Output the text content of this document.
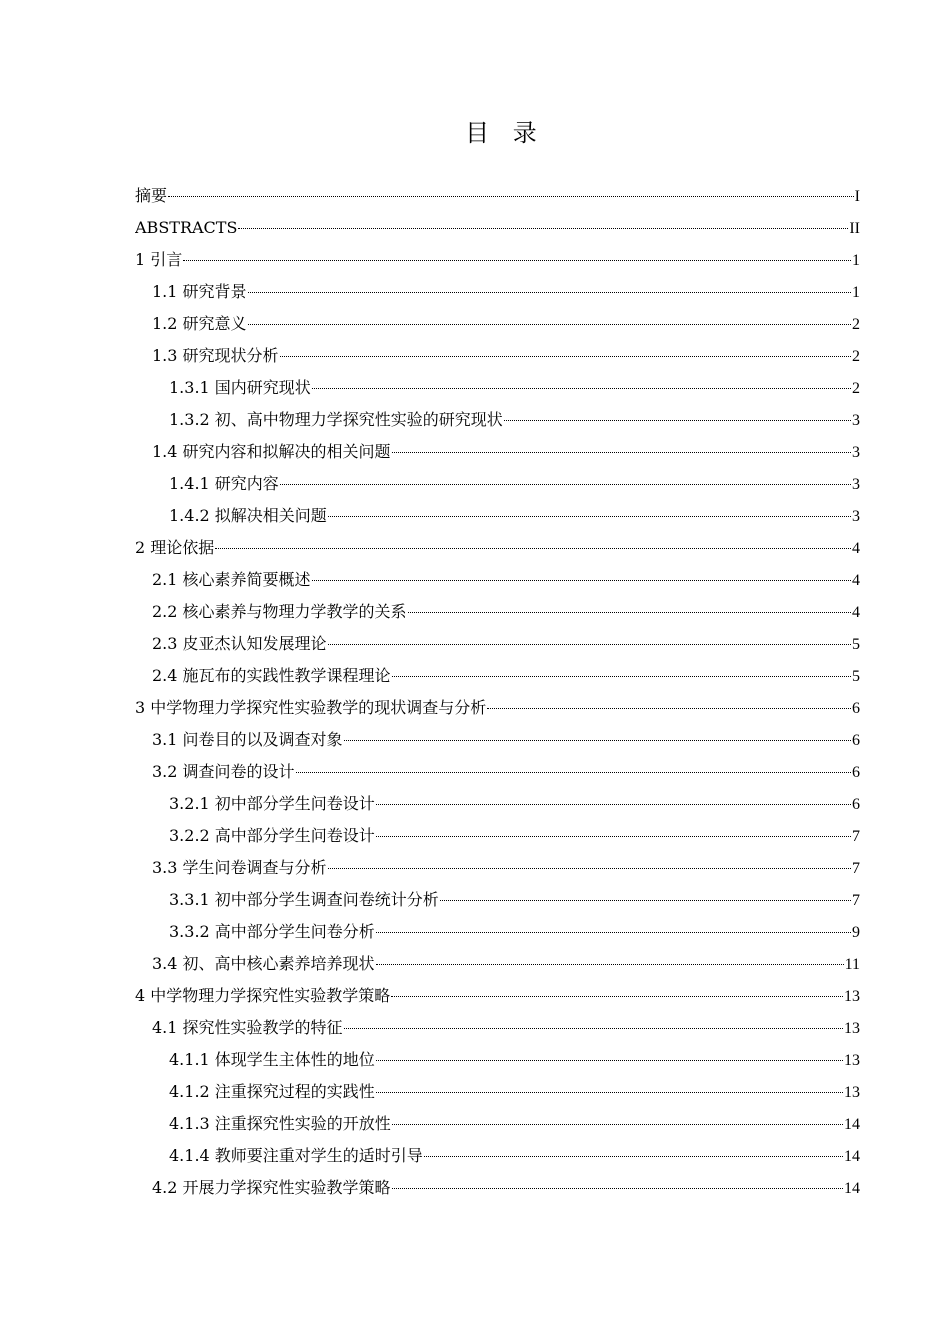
目 录
摘要	I
ABSTRACTS	II
1 引言	1
1.1 研究背景	1
1.2 研究意义	2
1.3 研究现状分析	2
1.3.1 国内研究现状	2
1.3.2 初、高中物理力学探究性实验的研究现状	3
1.4 研究内容和拟解决的相关问题	3
1.4.1 研究内容	3
1.4.2 拟解决相关问题	3
2 理论依据	4
2.1 核心素养简要概述	4
2.2 核心素养与物理力学教学的关系	4
2.3 皮亚杰认知发展理论	5
2.4 施瓦布的实践性教学课程理论	5
3 中学物理力学探究性实验教学的现状调查与分析	6
3.1 问卷目的以及调查对象	6
3.2 调查问卷的设计	6
3.2.1 初中部分学生问卷设计	6
3.2.2 高中部分学生问卷设计	7
3.3 学生问卷调查与分析	7
3.3.1 初中部分学生调查问卷统计分析	7
3.3.2 高中部分学生问卷分析	9
3.4 初、高中核心素养培养现状	11
4 中学物理力学探究性实验教学策略	13
4.1 探究性实验教学的特征	13
4.1.1 体现学生主体性的地位	13
4.1.2 注重探究过程的实践性	13
4.1.3 注重探究性实验的开放性	14
4.1.4 教师要注重对学生的适时引导	14
4.2 开展力学探究性实验教学策略	14
